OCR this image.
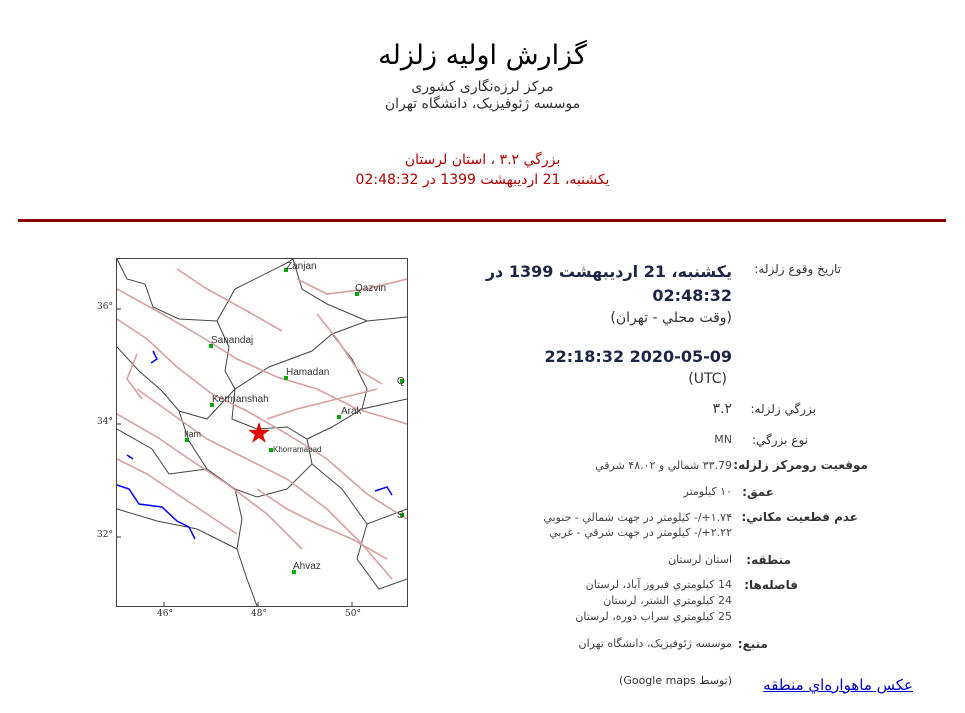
گزارش اوليه زلزله
مرکز لرزه‌نگاری کشوری
موسسه ژئوفيزيک، دانشگاه تهران
بزرگي ۳.۲ ، استان لرستان
يکشنبه، 21 ارديبهشت 1399 در 02:48:32
Zanjan
Qazvin
Sanandaj
Hamadan
Kermanshah
Arak
Ilam
Khorramabad
Ahvaz
Q
S
36°
34°
32°
46°	48°	50°
تاريخ وقوع زلزله:
بزرگي زلزله:
نوع بزرگي:
موقعيت رومرکز زلزله:
عمق:
عدم قطعيت مکاني:
منطقه:
فاصله‌ها:
منبع:
يکشنبه، 21 ارديبهشت 1399 در
02:48:32
(وقت محلي - تهران)
2020-05-09 22:18:32
(UTC)
۳.۲
MN
۳۳.79 شمالي و ۴۸.۰۲ شرقي
۱۰ کيلومتر
۱.۷۴+/- کيلومتر در جهت شمالي - جنوبي
۲.۲۲+/- کيلومتر در جهت شرقي - غربي
استان لرستان
14 کيلومتري فيروز آباد، لرستان
24 کيلومتري الشتر، لرستان
25 کيلومتري سراب دوره، لرستان
موسسه ژئوفيزيک، دانشگاه تهران
عکس ماهواره‌اي منطقه
(توسط Google maps)
